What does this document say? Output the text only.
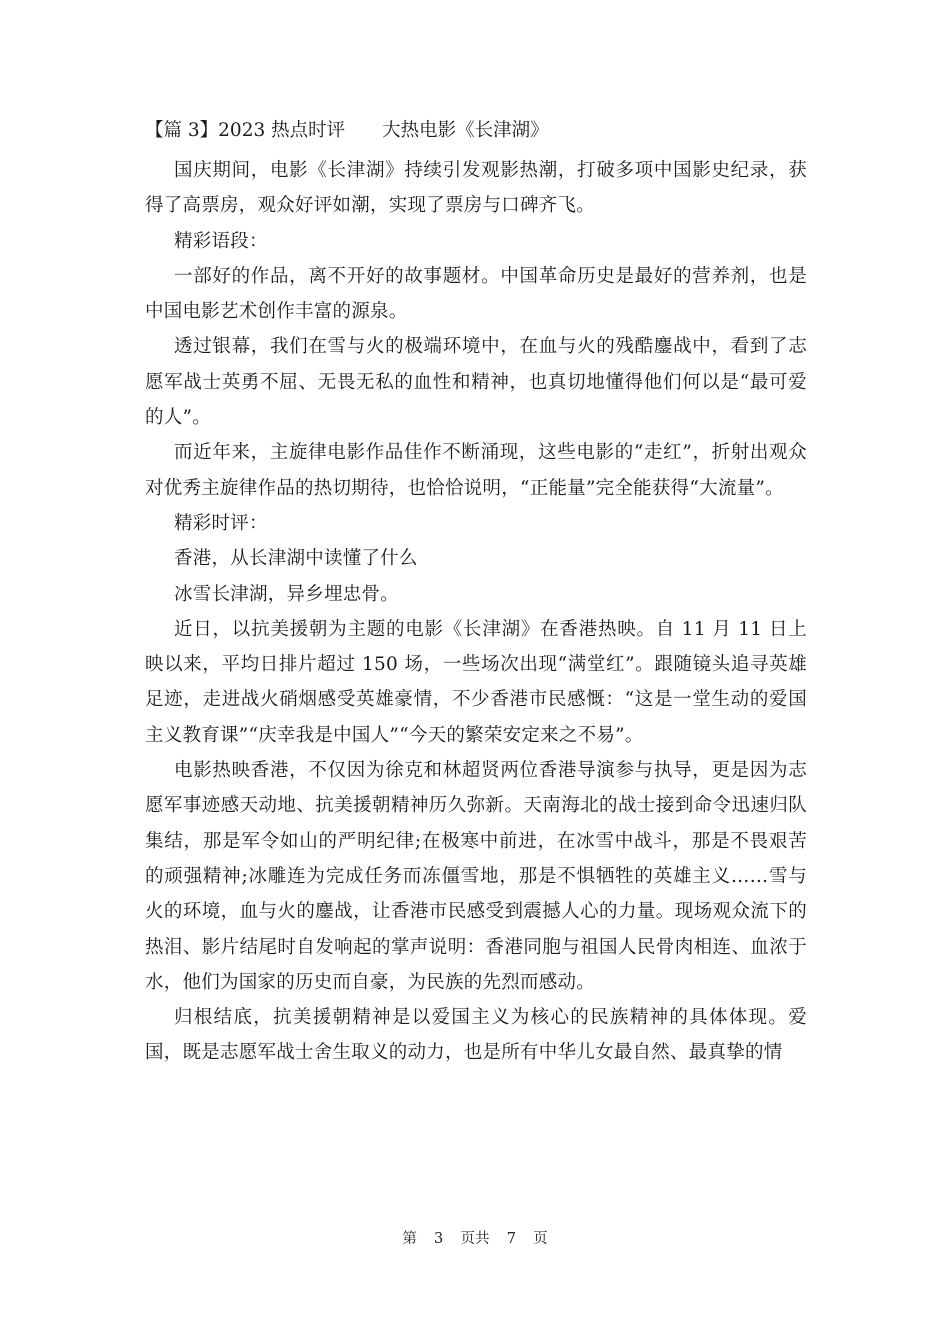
【篇 3】2023 热点时评　　大热电影《长津湖》

国庆期间，电影《长津湖》持续引发观影热潮，打破多项中国影史纪录，获得了高票房，观众好评如潮，实现了票房与口碑齐飞。

精彩语段：

一部好的作品，离不开好的故事题材。中国革命历史是最好的营养剂，也是中国电影艺术创作丰富的源泉。

透过银幕，我们在雪与火的极端环境中，在血与火的残酷鏖战中，看到了志愿军战士英勇不屈、无畏无私的血性和精神，也真切地懂得他们何以是“最可爱的人”。

而近年来，主旋律电影作品佳作不断涌现，这些电影的“走红”，折射出观众对优秀主旋律作品的热切期待，也恰恰说明，“正能量”完全能获得“大流量”。

精彩时评：

香港，从长津湖中读懂了什么

冰雪长津湖，异乡埋忠骨。

近日，以抗美援朝为主题的电影《长津湖》在香港热映。自 11 月 11 日上映以来，平均日排片超过 150 场，一些场次出现“满堂红”。跟随镜头追寻英雄足迹，走进战火硝烟感受英雄豪情，不少香港市民感慨：“这是一堂生动的爱国主义教育课”“庆幸我是中国人”“今天的繁荣安定来之不易”。

电影热映香港，不仅因为徐克和林超贤两位香港导演参与执导，更是因为志愿军事迹感天动地、抗美援朝精神历久弥新。天南海北的战士接到命令迅速归队集结，那是军令如山的严明纪律;在极寒中前进，在冰雪中战斗，那是不畏艰苦的顽强精神;冰雕连为完成任务而冻僵雪地，那是不惧牺牲的英雄主义……雪与火的环境，血与火的鏖战，让香港市民感受到震撼人心的力量。现场观众流下的热泪、影片结尾时自发响起的掌声说明：香港同胞与祖国人民骨肉相连、血浓于水，他们为国家的历史而自豪，为民族的先烈而感动。

归根结底，抗美援朝精神是以爱国主义为核心的民族精神的具体体现。爱国，既是志愿军战士舍生取义的动力，也是所有中华儿女最自然、最真挚的情

第  3  页共  7  页
